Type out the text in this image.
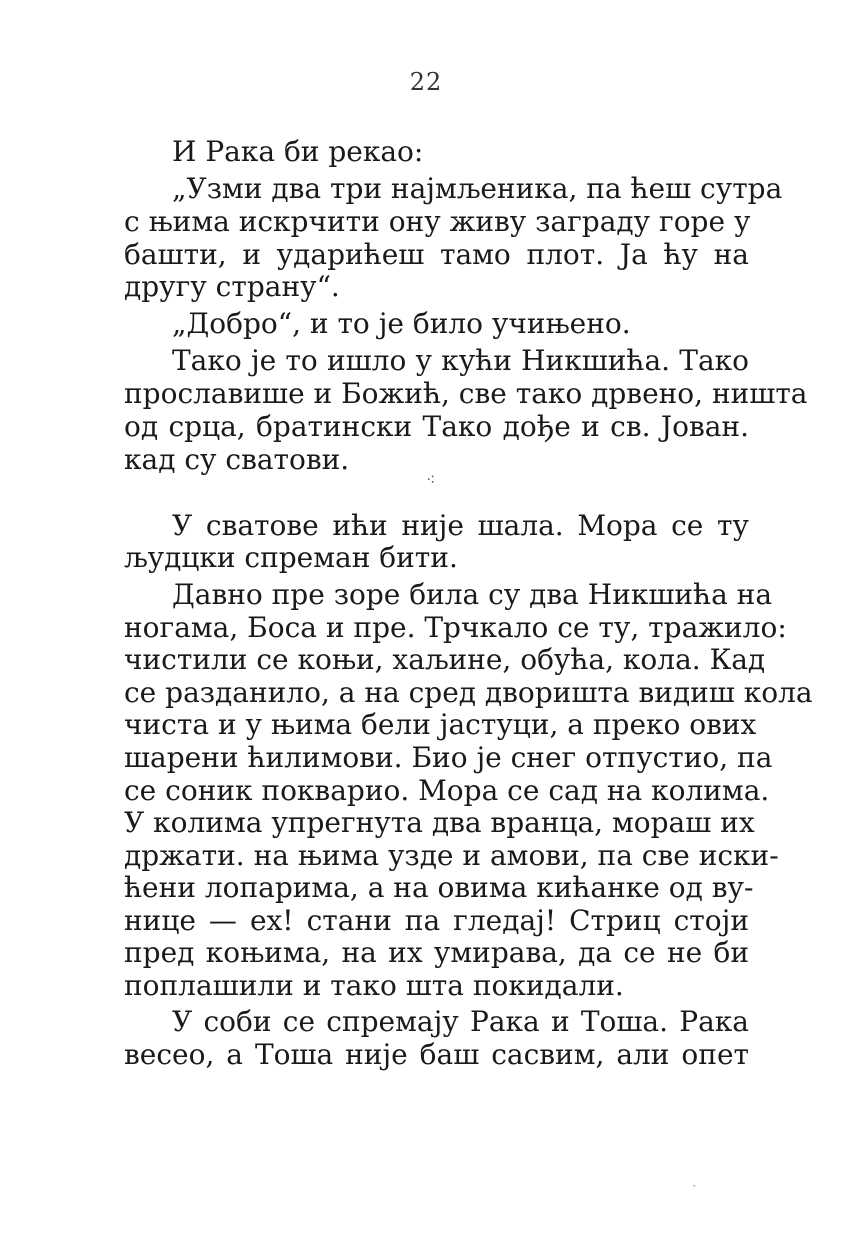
22
И Рака би рекао:
„Узми два три најмљеника, па ћеш сутра
с њима искрчити ону живу заграду горе у
башти, и ударићеш тамо плот. Ја ћу на
другу страну“.
„Добро“, и то је било учињено.
Тако је то ишло у кући Никшића. Тако
прославише и Божић, све тако дрвено, ништа
од срца, братински Тако дође и св. Јован.
кад су сватови.
⁖
У сватове ићи није шала. Мора се ту
људцки спреман бити.
Давно пре зоре била су два Никшића на
ногама, Боса и пре. Трчкало се ту, тражило:
чистили се коњи, хаљине, обућа, кола. Кад
се разданило, а на сред дворишта видиш кола
чиста и у њима бели јастуци, а преко ових
шарени ћилимови. Био је снег отпустио, па
се соник покварио. Мора се сад на колима.
У колима упрегнута два вранца, мораш их
држати. на њима узде и амови, па све иски-
ћени лопарима, а на овима кићанке од ву-
нице — ех! стани па гледај! Стриц стоји
пред коњима, на их умирава, да се не би
поплашили и тако шта покидали.
У соби се спремају Рака и Тоша. Рака
весео, а Тоша није баш сасвим, али опет
ˎ
